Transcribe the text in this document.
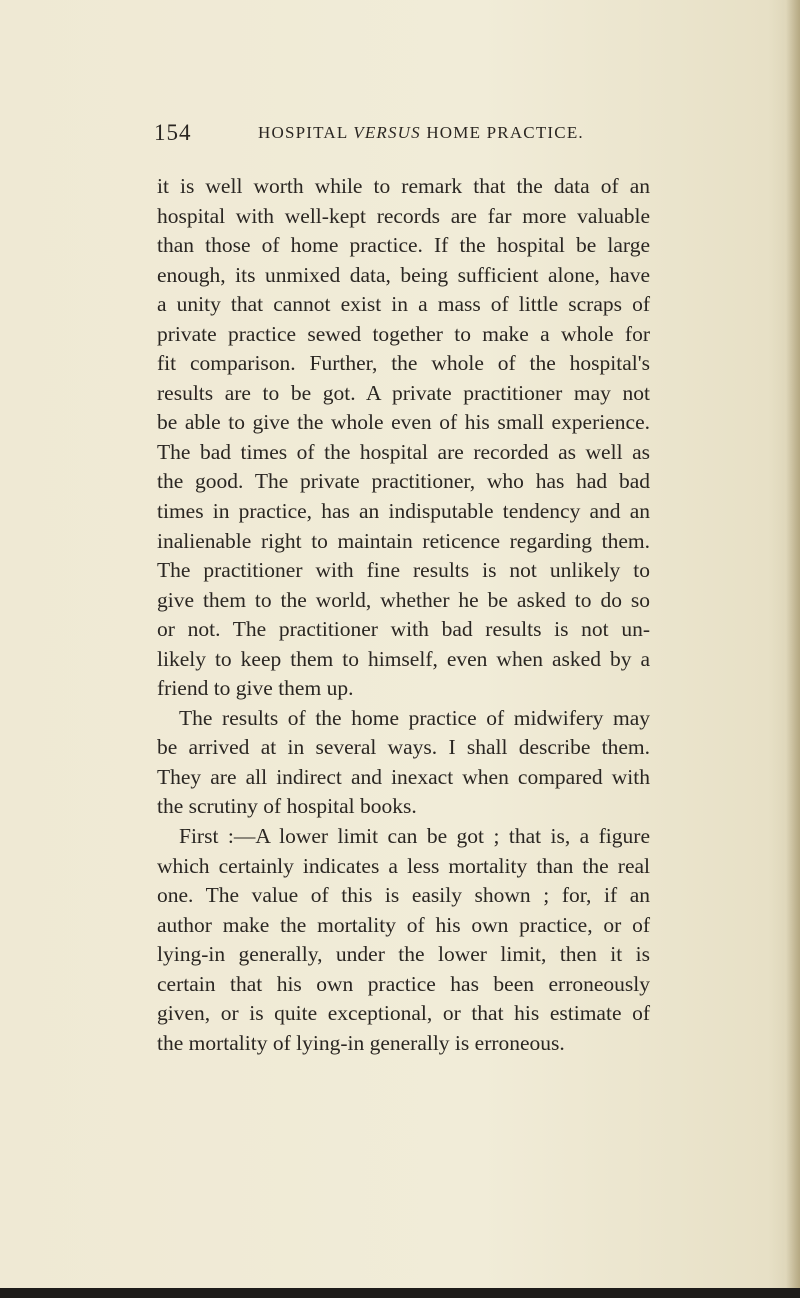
154	HOSPITAL VERSUS HOME PRACTICE.
it is well worth while to remark that the data of an
hospital with well-kept records are far more valuable
than those of home practice. If the hospital be large
enough, its unmixed data, being sufficient alone, have
a unity that cannot exist in a mass of little scraps of
private practice sewed together to make a whole for
fit comparison. Further, the whole of the hospital's
results are to be got. A private practitioner may not
be able to give the whole even of his small experience.
The bad times of the hospital are recorded as well as
the good. The private practitioner, who has had bad
times in practice, has an indisputable tendency and an
inalienable right to maintain reticence regarding them.
The practitioner with fine results is not unlikely to
give them to the world, whether he be asked to do so
or not. The practitioner with bad results is not un-
likely to keep them to himself, even when asked by a
friend to give them up.
The results of the home practice of midwifery may
be arrived at in several ways. I shall describe them.
They are all indirect and inexact when compared with
the scrutiny of hospital books.
First :—A lower limit can be got ; that is, a figure
which certainly indicates a less mortality than the real
one. The value of this is easily shown ; for, if an
author make the mortality of his own practice, or of
lying-in generally, under the lower limit, then it is
certain that his own practice has been erroneously
given, or is quite exceptional, or that his estimate of
the mortality of lying-in generally is erroneous.
